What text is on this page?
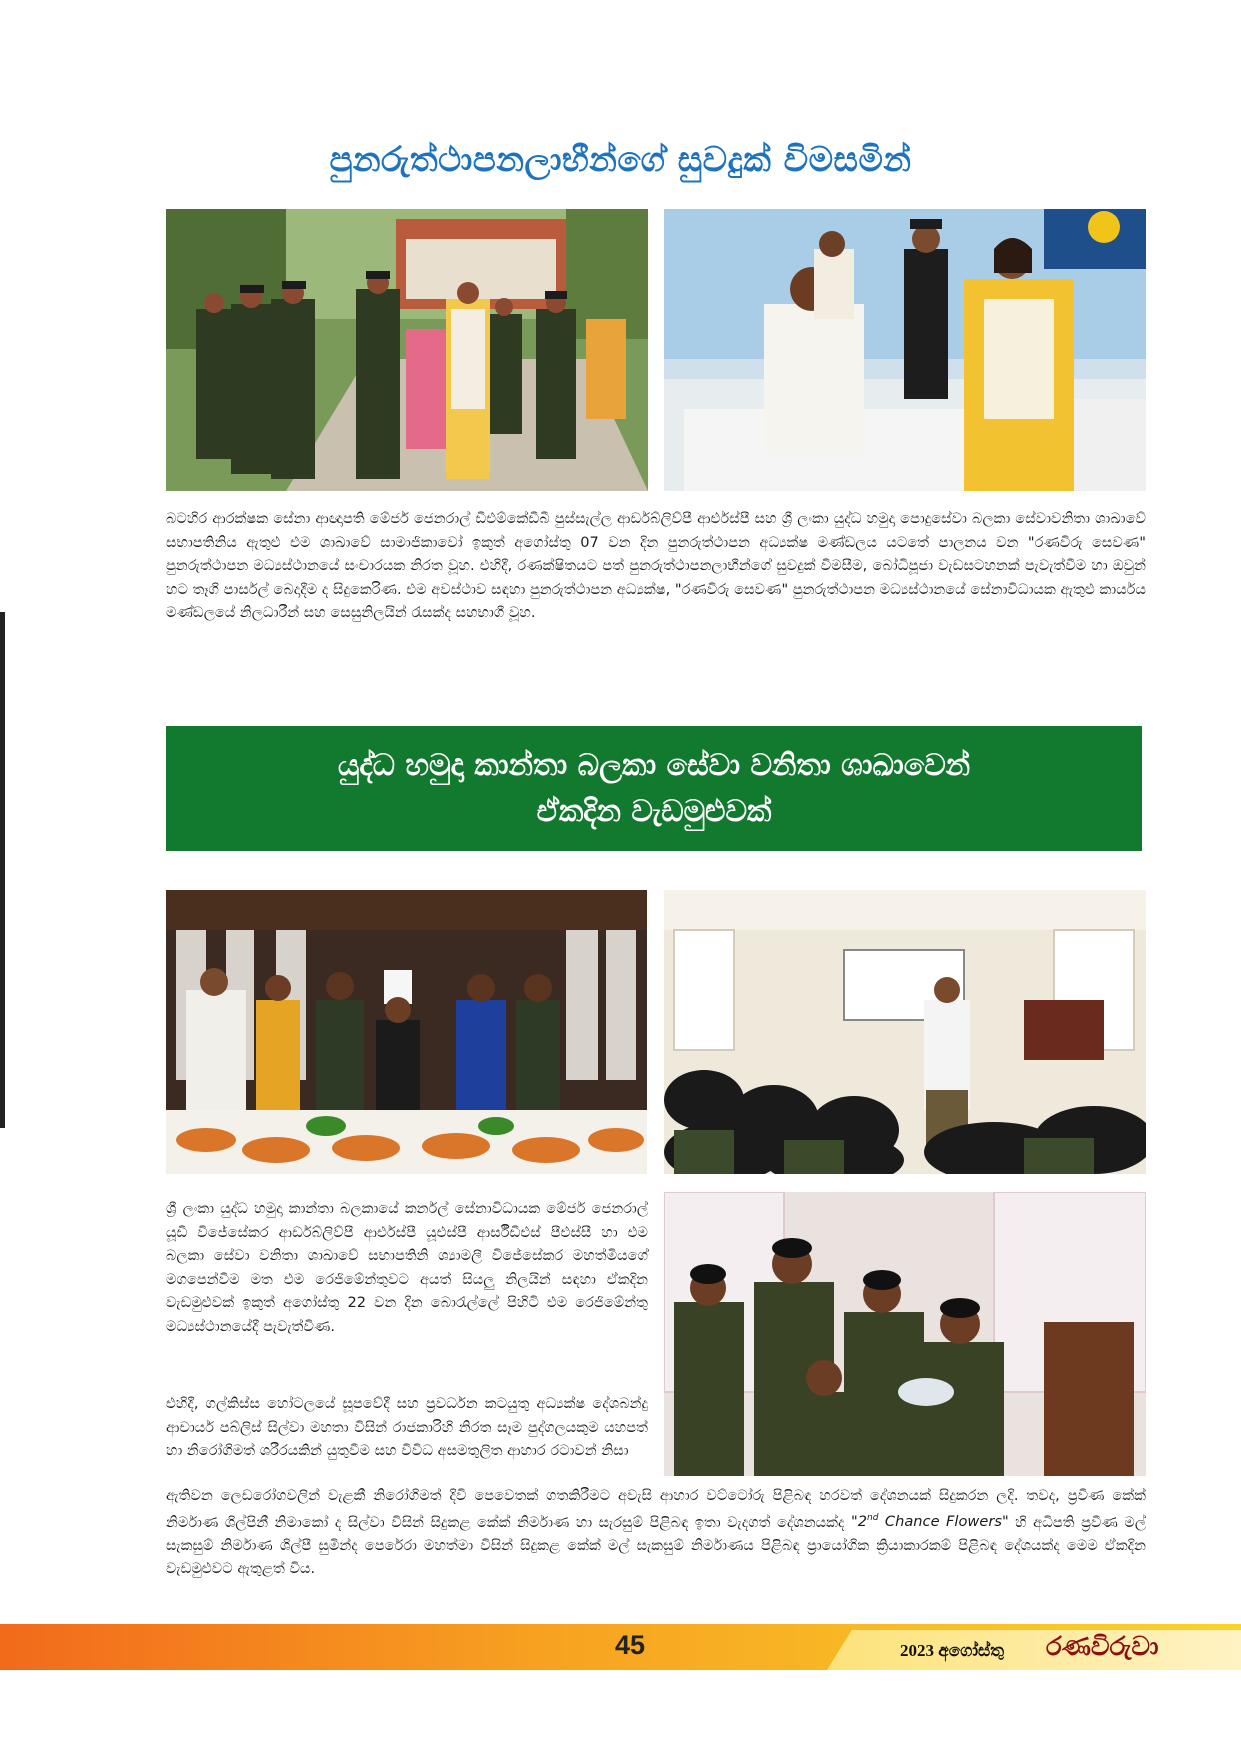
පුනරුත්ථාපනලාභීන්ගේ සුවදුක් විමසමින්

බටහිර ආරක්ෂක සේනා ආඥාපති මේජර් ජෙනරාල් ඩීඑම්කේඩීබී පුස්සැල්ල ආර්ඩබ්ලිව්පී ආර්එස්පී සහ ශ්‍රී ලංකා යුද්ධ හමුදා පොදුසේවා බලකා සේවාවනිතා ශාඛාවේ සභාපතිනිය ඇතුළු එම ශාඛාවේ සාමාජිකාවෝ ඉකුත් අගෝස්තු 07 වන දින පුනරුත්ථාපන අධ්‍යක්ෂ මණ්ඩලය යටතේ පාලනය වන "රණවිරු සෙවණ" පුනරුත්ථාපන මධ්‍යස්ථානයේ සංචාරයක නිරත වූහ. එහිදී, රණක්ෂිතයට පත් පුනරුත්ථාපනලාභීන්ගේ සුවදුක් විමසීම, බෝධිපූජා වැඩසටහනක් පැවැත්වීම හා ඔවුන් හට තෑගි පාර්සල් බෙදාදීම ද සිදුකෙරිණ. එම අවස්ථාව සඳහා පුනරුත්ථාපන අධ්‍යක්ෂ, "රණවිරු සෙවණ" පුනරුත්ථාපන මධ්‍යස්ථානයේ සේනාවිධායක ඇතුළු කාර්යය මණ්ඩලයේ නිලධාරීන් සහ සෙසුනිලයින් රැසක්ද සහභාගී වූහ.

යුද්ධ හමුදා කාන්තා බලකා සේවා වනිතා ශාඛාවෙන්
ඒකදින වැඩමුළුවක්

ශ්‍රී ලංකා යුද්ධ හමුදා කාන්තා බලකායේ කර්නල් සේනාවිධායක මේජර් ජෙනරාල් යූඩී විජේසේකර ආර්ඩබ්ලිව්පී ආර්එස්පී යූඑස්පී ආර්සීඩීඑස් පීඑස්සී හා එම බලකා සේවා වනිතා ශාඛාවේ සභාපතිනි ශ්‍යාමලී විජේසේකර මහත්මියගේ මගපෙන්වීම මත එම රෙජිමේන්තුවට අයත් සියලු නිලයින් සඳහා ඒකදින වැඩමුළුවක් ඉකුත් අගෝස්තු 22 වන දින බොරැල්ලේ පිහිටි එම රෙජිමේන්තු මධ්‍යස්ථානයේදී පැවැත්විණ.

එහිදී, ගල්කිස්ස හෝටලයේ සූපවේදී සහ ප්‍රවර්ධන කටයුතු අධ්‍යක්ෂ දේශබන්දු ආචාර්ය පබ්ලිස් සිල්වා මහතා විසින් රාජකාරිහි නිරත සෑම පුද්ගලයකුම යහපත් හා නිරෝගිමත් ශරීරයකින් යුතුවීම සහ විවිධ අසමතුලිත ආහාර රටාවන් නිසා

ඇතිවන ලෙඩරෝගවලින් වැළකී නිරෝගිමත් දිවි පෙවෙතක් ගතකිරීමට අවැසි ආහාර වට්ටෝරු පිළිබඳ හරවත් දේශනයක් සිදුකරන ලදි. තවද, ප්‍රවීණ කේක් නිර්මාණ ශිල්පිනී නිමාකෝ ද සිල්වා විසින් සිදුකළ කේක් නිර්මාණ හා සැරසුම් පිළිබඳ ඉතා වැදගත් දේශනයක්ද "2nd Chance Flowers" හි අධිපති ප්‍රවීණ මල් සැකසුම් නිර්මාණ ශිල්පී සුමින්ද පෙරේරා මහත්මා විසින් සිදුකළ කේක් මල් සැකසුම් නිර්මාණය පිළිබඳ ප්‍රායෝගික ක්‍රියාකාරකම් පිළිබඳ දේශයක්ද මෙම ඒකදින වැඩමුළුවට ඇතුළත් විය.

45	2023 අගෝස්තු රණවිරුවා
